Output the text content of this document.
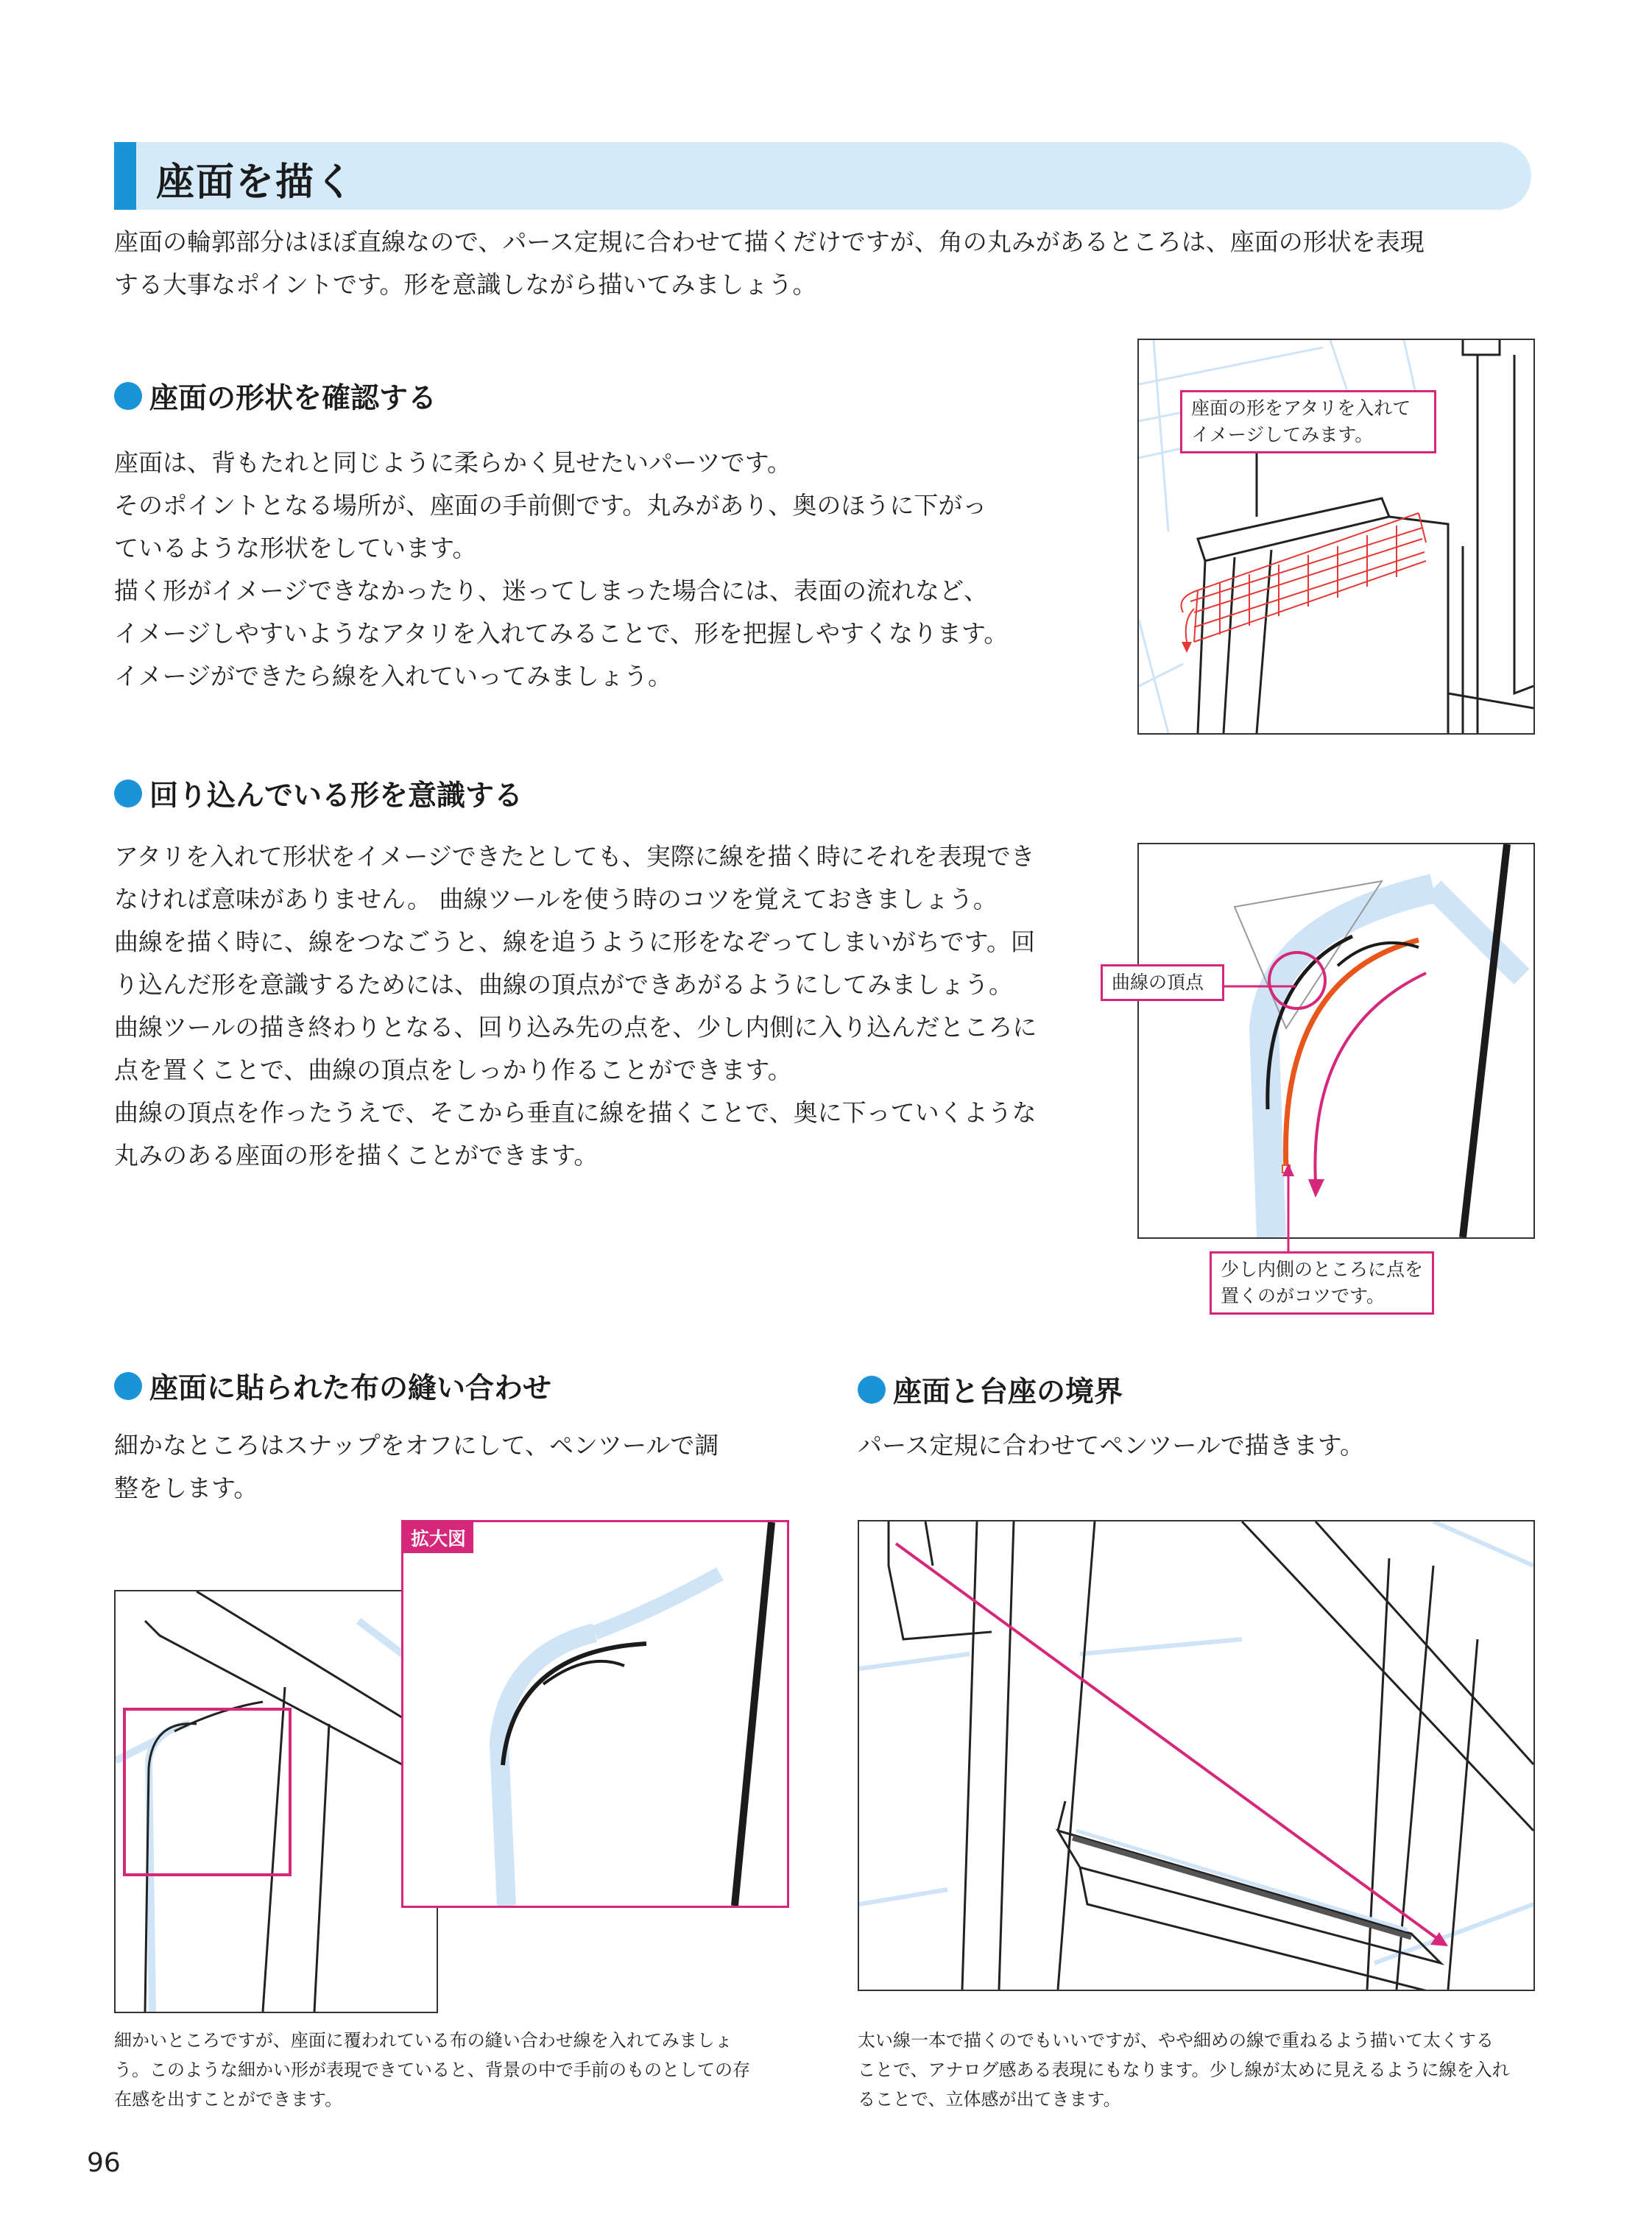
座面を描く
座面の輪郭部分はほぼ直線なので、パース定規に合わせて描くだけですが、角の丸みがあるところは、座面の形状を表現
する大事なポイントです。形を意識しながら描いてみましょう。
座面の形状を確認する
座面は、背もたれと同じように柔らかく見せたいパーツです。
そのポイントとなる場所が、座面の手前側です。丸みがあり、奥のほうに下がっ
ているような形状をしています。
描く形がイメージできなかったり、迷ってしまった場合には、表面の流れなど、
イメージしやすいようなアタリを入れてみることで、形を把握しやすくなります。
イメージができたら線を入れていってみましょう。
座面の形をアタリを入れて
イメージしてみます。
回り込んでいる形を意識する
アタリを入れて形状をイメージできたとしても、実際に線を描く時にそれを表現でき
なければ意味がありません。 曲線ツールを使う時のコツを覚えておきましょう。
曲線を描く時に、線をつなごうと、線を追うように形をなぞってしまいがちです。回
り込んだ形を意識するためには、曲線の頂点ができあがるようにしてみましょう。
曲線ツールの描き終わりとなる、回り込み先の点を、少し内側に入り込んだところに
点を置くことで、曲線の頂点をしっかり作ることができます。
曲線の頂点を作ったうえで、そこから垂直に線を描くことで、奥に下っていくような
丸みのある座面の形を描くことができます。
曲線の頂点
少し内側のところに点を
置くのがコツです。
座面に貼られた布の縫い合わせ
細かなところはスナップをオフにして、ペンツールで調
整をします。
拡大図
細かいところですが、座面に覆われている布の縫い合わせ線を入れてみましょ
う。このような細かい形が表現できていると、背景の中で手前のものとしての存
在感を出すことができます。
座面と台座の境界
パース定規に合わせてペンツールで描きます。
太い線一本で描くのでもいいですが、やや細めの線で重ねるよう描いて太くする
ことで、アナログ感ある表現にもなります。少し線が太めに見えるように線を入れ
ることで、立体感が出てきます。
96
